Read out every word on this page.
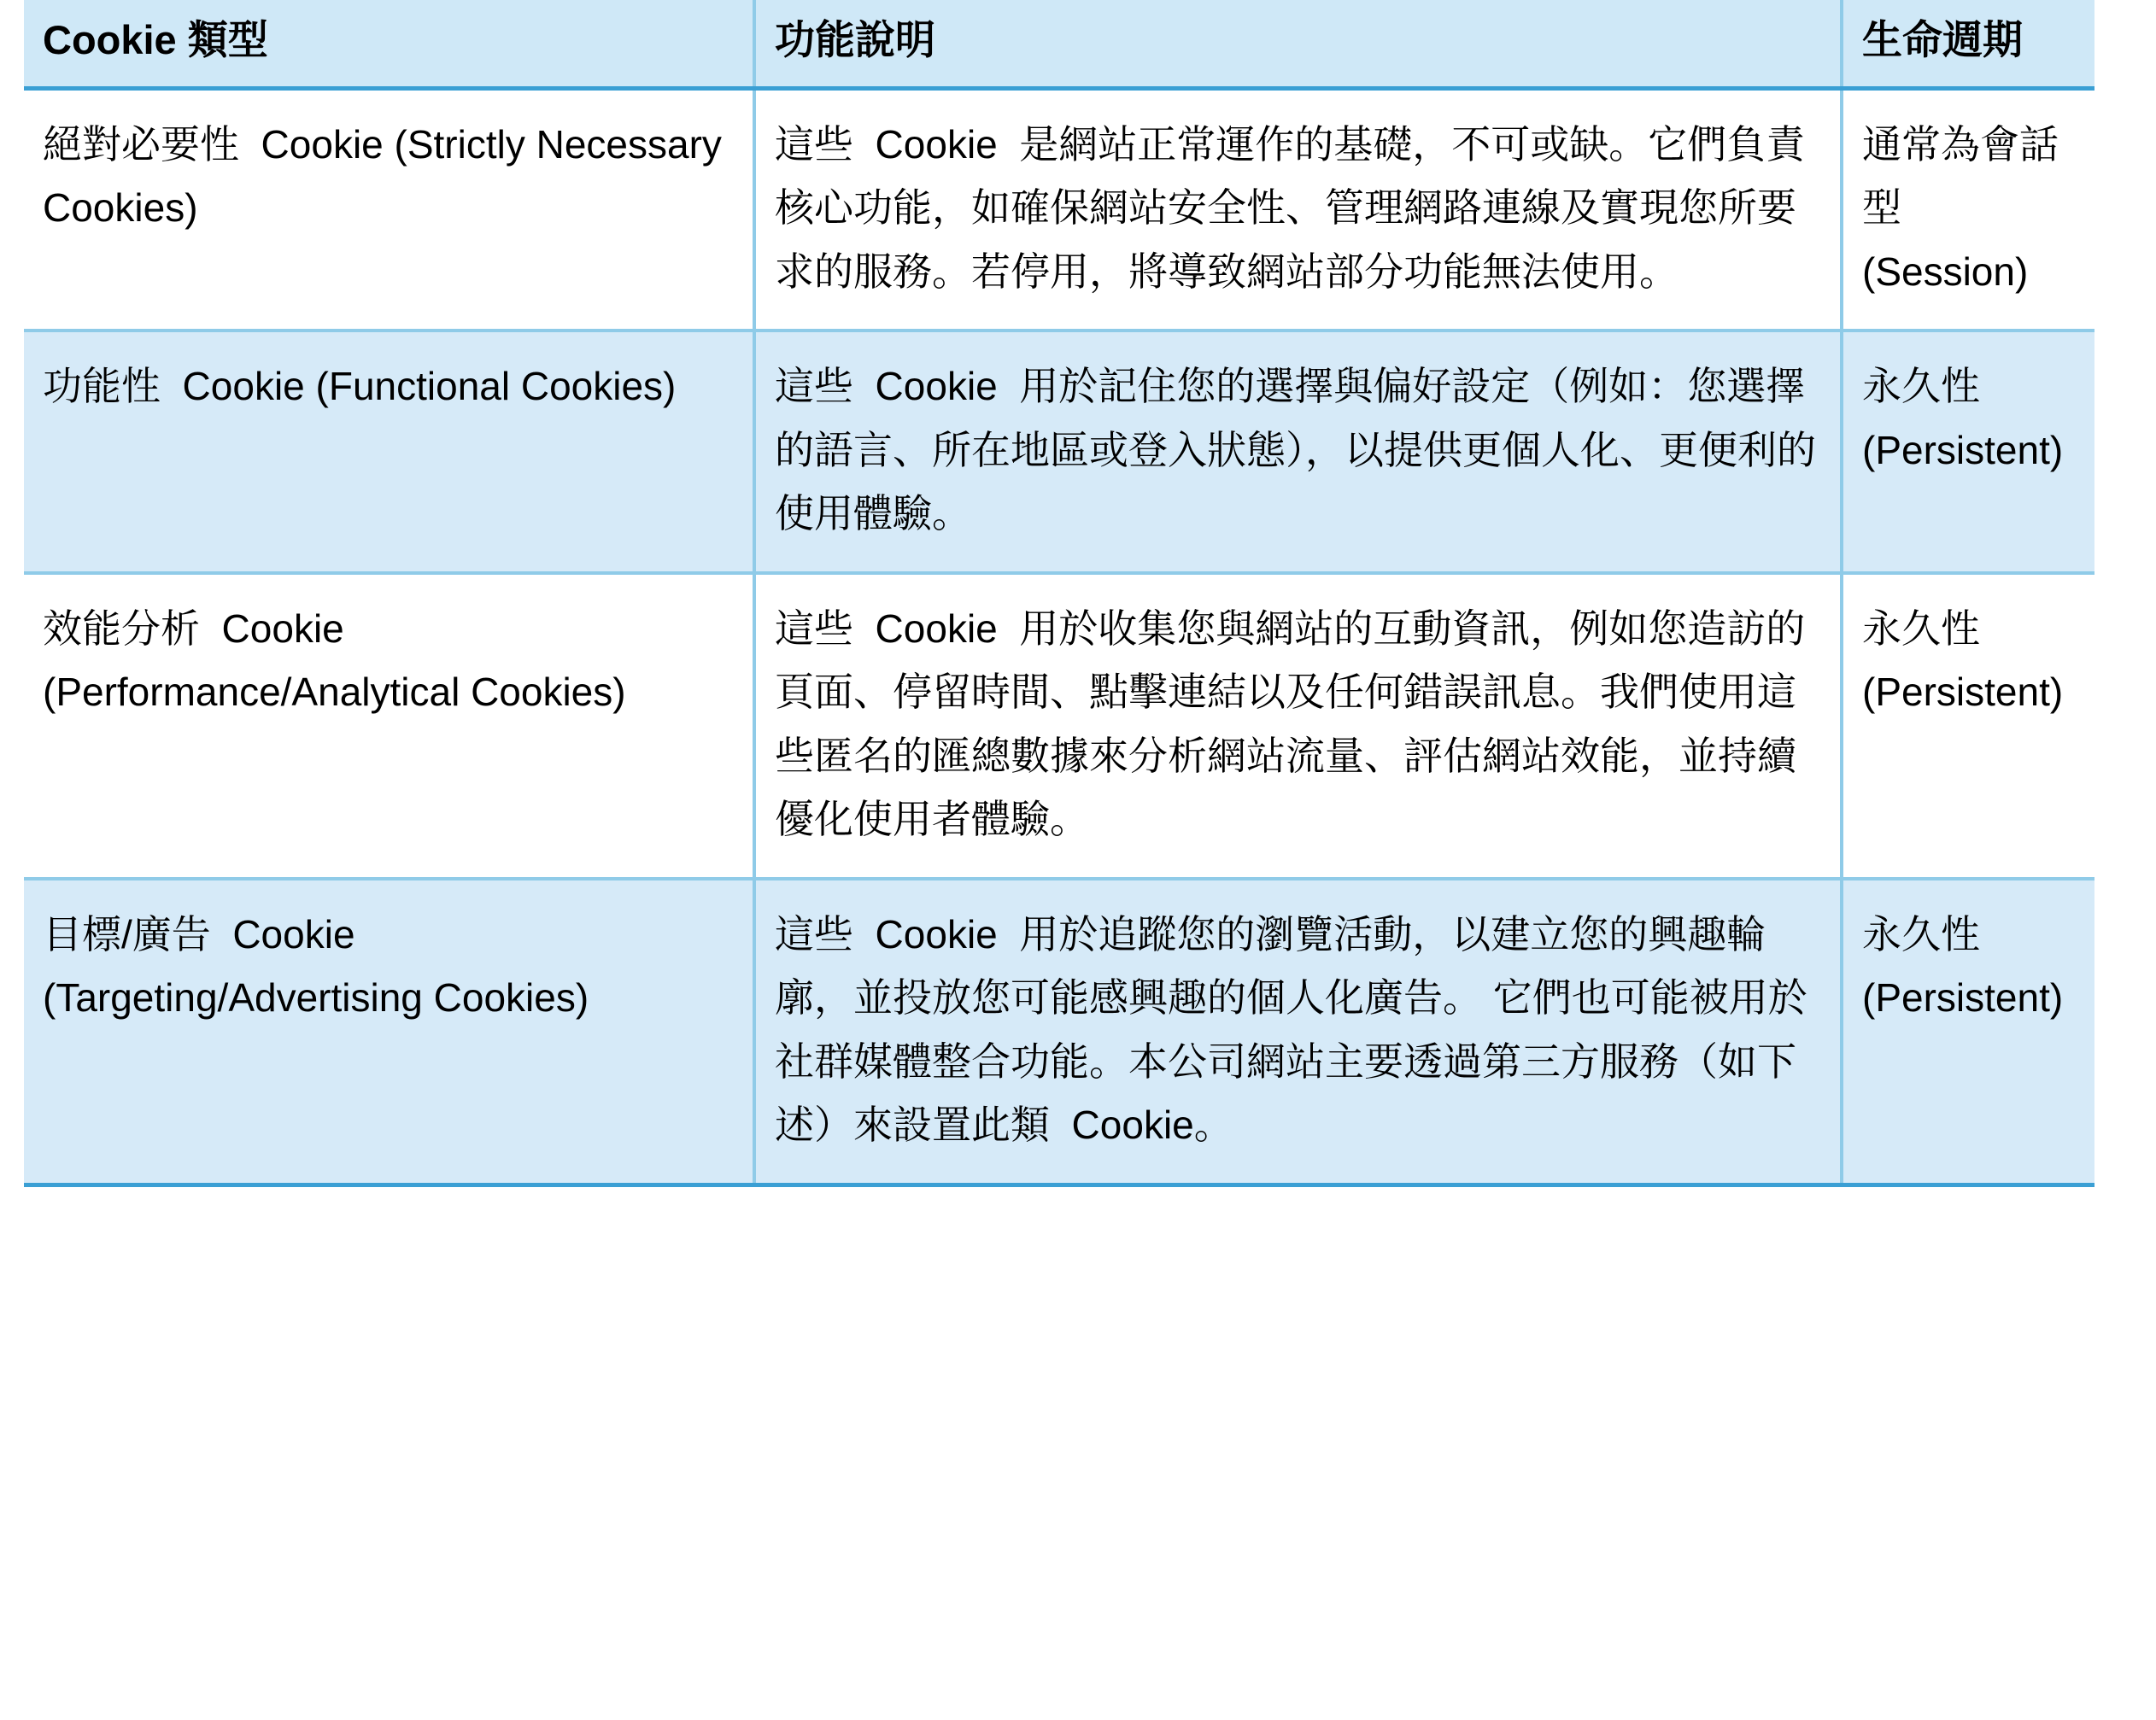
Cookie 類型	功能說明	生命週期

絕對必要性  Cookie (Strictly Necessary Cookies)	這些  Cookie  是網站正常運作的基礎，不可或缺。它們負責核心功能，如確保網站安全性、管理網路連線及實現您所要求的服務。若停用，將導致網站部分功能無法使用。	通常為會話型 (Session)

功能性  Cookie (Functional Cookies)	這些  Cookie  用於記住您的選擇與偏好設定（例如：您選擇的語言、所在地區或登入狀態），以提供更個人化、更便利的使用體驗。	永久性 (Persistent)

效能分析  Cookie (Performance/Analytical Cookies)	這些  Cookie  用於收集您與網站的互動資訊，例如您造訪的頁面、停留時間、點擊連結以及任何錯誤訊息。我們使用這些匿名的匯總數據來分析網站流量、評估網站效能，並持續優化使用者體驗。	永久性 (Persistent)

目標/廣告  Cookie (Targeting/Advertising Cookies)	這些  Cookie  用於追蹤您的瀏覽活動，以建立您的興趣輪廓，並投放您可能感興趣的個人化廣告。 它們也可能被用於社群媒體整合功能。本公司網站主要透過第三方服務（如下述）來設置此類  Cookie。	永久性 (Persistent)
